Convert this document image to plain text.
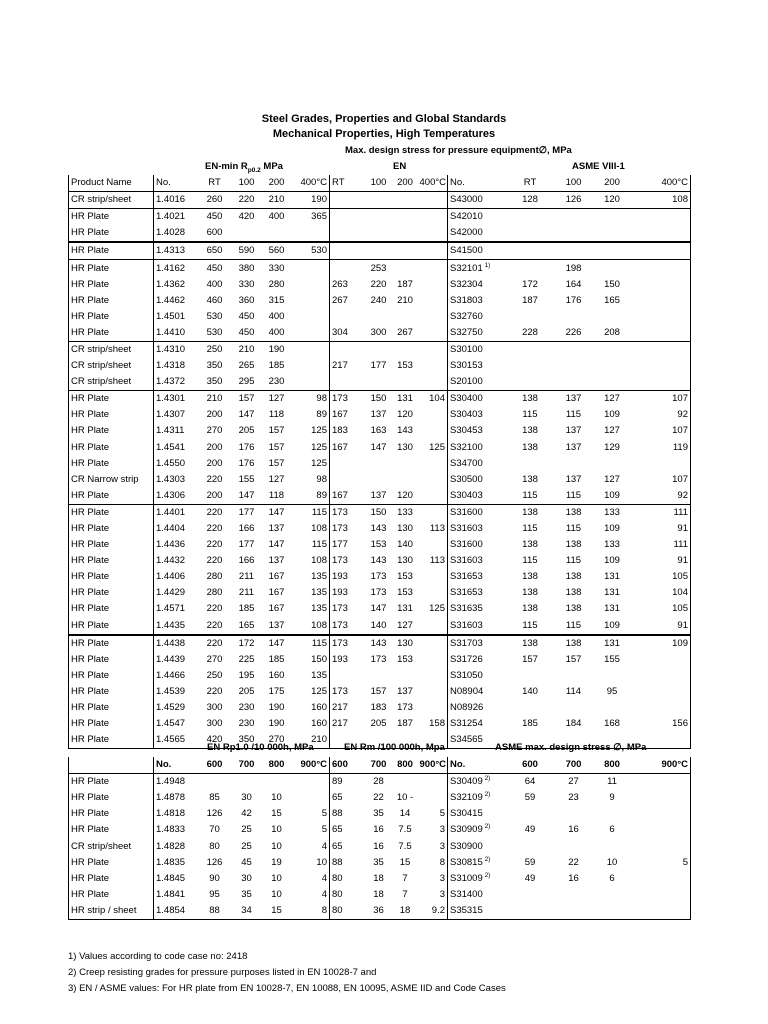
Steel Grades, Properties and Global Standards
Mechanical Properties, High Temperatures
Max. design stress for pressure equipment∅, MPa
EN-min $R_{p0.2}$ MPa	EN	ASME VIII-1
Product Name	No.	RT	100	200	400°C	RT	100	200	400°C	No.	RT	100	200	400°C
CR strip/sheet	1.4016	260	220	210	190					S43000	128	126	120	108
HR Plate	1.4021	450	420	400	365					S42010				
HR Plate	1.4028	600								S42000				
HR Plate	1.4313	650	590	560	530					S41500				
HR Plate	1.4162	450	380	330			253			S32101 $^{1)}$		198		
HR Plate	1.4362	400	330	280		263	220	187		S32304	172	164	150	
HR Plate	1.4462	460	360	315		267	240	210		S31803	187	176	165	
HR Plate	1.4501	530	450	400						S32760				
HR Plate	1.4410	530	450	400		304	300	267		S32750	228	226	208	
CR strip/sheet	1.4310	250	210	190						S30100				
CR strip/sheet	1.4318	350	265	185		217	177	153		S30153				
CR strip/sheet	1.4372	350	295	230						S20100				
HR Plate	1.4301	210	157	127	98	173	150	131	104	S30400	138	137	127	107
HR Plate	1.4307	200	147	118	89	167	137	120		S30403	115	115	109	92
HR Plate	1.4311	270	205	157	125	183	163	143		S30453	138	137	127	107
HR Plate	1.4541	200	176	157	125	167	147	130	125	S32100	138	137	129	119
HR Plate	1.4550	200	176	157	125					S34700				
CR Narrow strip	1.4303	220	155	127	98					S30500	138	137	127	107
HR Plate	1.4306	200	147	118	89	167	137	120		S30403	115	115	109	92
HR Plate	1.4401	220	177	147	115	173	150	133		S31600	138	138	133	111
HR Plate	1.4404	220	166	137	108	173	143	130	113	S31603	115	115	109	91
HR Plate	1.4436	220	177	147	115	177	153	140		S31600	138	138	133	111
HR Plate	1.4432	220	166	137	108	173	143	130	113	S31603	115	115	109	91
HR Plate	1.4406	280	211	167	135	193	173	153		S31653	138	138	131	105
HR Plate	1.4429	280	211	167	135	193	173	153		S31653	138	138	131	104
HR Plate	1.4571	220	185	167	135	173	147	131	125	S31635	138	138	131	105
HR Plate	1.4435	220	165	137	108	173	140	127		S31603	115	115	109	91
HR Plate	1.4438	220	172	147	115	173	143	130		S31703	138	138	131	109
HR Plate	1.4439	270	225	185	150	193	173	153		S31726	157	157	155	
HR Plate	1.4466	250	195	160	135					S31050				
HR Plate	1.4539	220	205	175	125	173	157	137		N08904	140	114	95	
HR Plate	1.4529	300	230	190	160	217	183	173		N08926				
HR Plate	1.4547	300	230	190	160	217	205	187	158	S31254	185	184	168	156
HR Plate	1.4565	420	350	270	210					S34565				
EN Rp1.0 /10 000h, MPa	EN Rm /100 000h, Mpa	ASME max. design stress ∅, MPa
	No.	600	700	800	900°C	600	700	800	900°C	No.	600	700	800	900°C
HR Plate	1.4948					89	28			S30409 $^{2)}$	64	27	11	
HR Plate	1.4878	85	30	10		65	22	10 -		S32109 $^{2)}$	59	23	9	
HR Plate	1.4818	126	42	15	5	88	35	14	5	S30415				
HR Plate	1.4833	70	25	10	5	65	16	7.5	3	S30909 $^{2)}$	49	16	6	
CR strip/sheet	1.4828	80	25	10	4	65	16	7.5	3	S30900				
HR Plate	1.4835	126	45	19	10	88	35	15	8	S30815 $^{2)}$	59	22	10	5
HR Plate	1.4845	90	30	10	4	80	18	7	3	S31009 $^{2)}$	49	16	6	
HR Plate	1.4841	95	35	10	4	80	18	7	3	S31400				
HR strip / sheet	1.4854	88	34	15	8	80	36	18	9.2	S35315				
1) Values according to code case no: 2418
2) Creep resisting grades for pressure purposes listed in EN 10028-7 and
3) EN / ASME values: For HR plate from EN 10028-7, EN 10088, EN 10095, ASME IID and Code Cases
